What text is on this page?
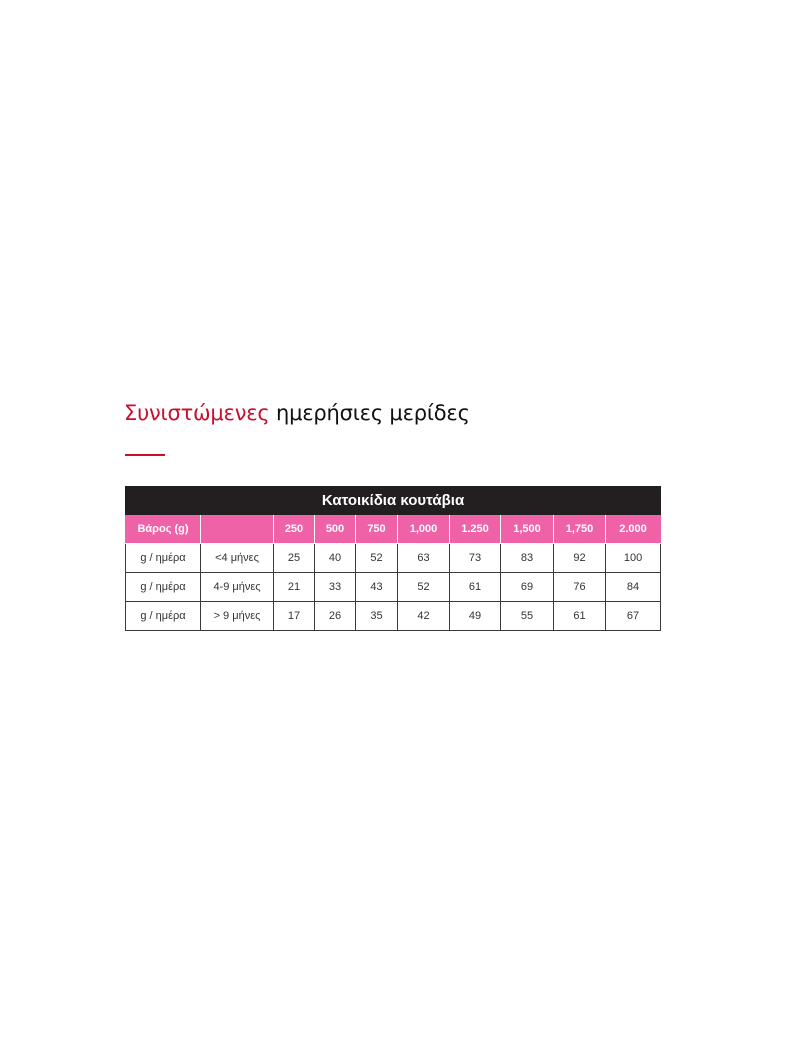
Συνιστώμενες ημερήσιες μερίδες
Κατοικίδια κουτάβια									
Βάρος (g)		250	500	750	1,000	1.250	1,500	1,750	2.000
g / ημέρα	<4 μήνες	25	40	52	63	73	83	92	100
g / ημέρα	4-9 μήνες	21	33	43	52	61	69	76	84
g / ημέρα	> 9 μήνες	17	26	35	42	49	55	61	67
